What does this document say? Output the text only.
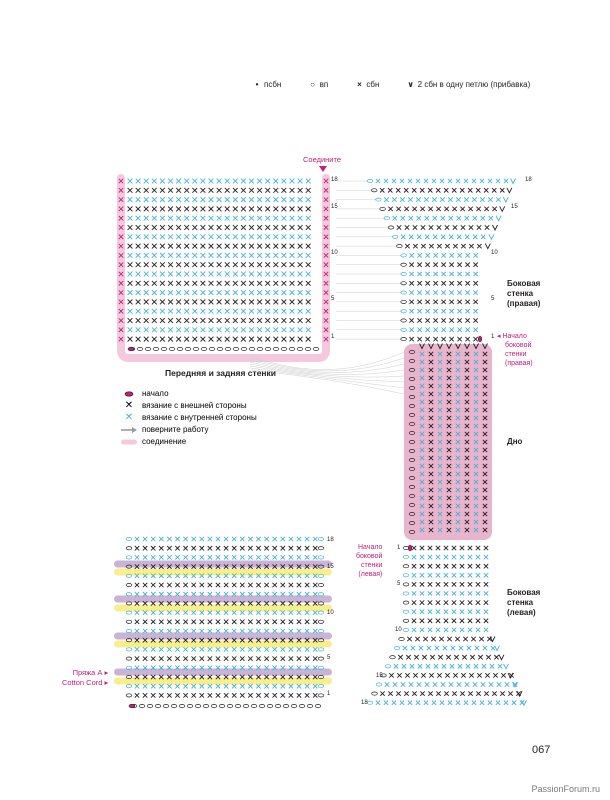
• псбн	○ вп	× сбн	∨ 2 сбн в одну петлю (прибавка)
Соедините
Передняя и задняя стенки
Боковая
стенка
(правая)
◂ Начало
боковой
стенки
(правая)
Дно
Начало
боковой
стенки
(левая)
Боковая
стенка
(левая)
Пряжа А ▸
Cotton Cord ▸
18
15
10
5
1
18
15
10
5
1
18
15
10
5
1
1
5
10
15
18
начало
✕	вязание с внешней стороны
✕	вязание с внутренней стороны
поверните работу
соединение
067
PassionForum.ru
